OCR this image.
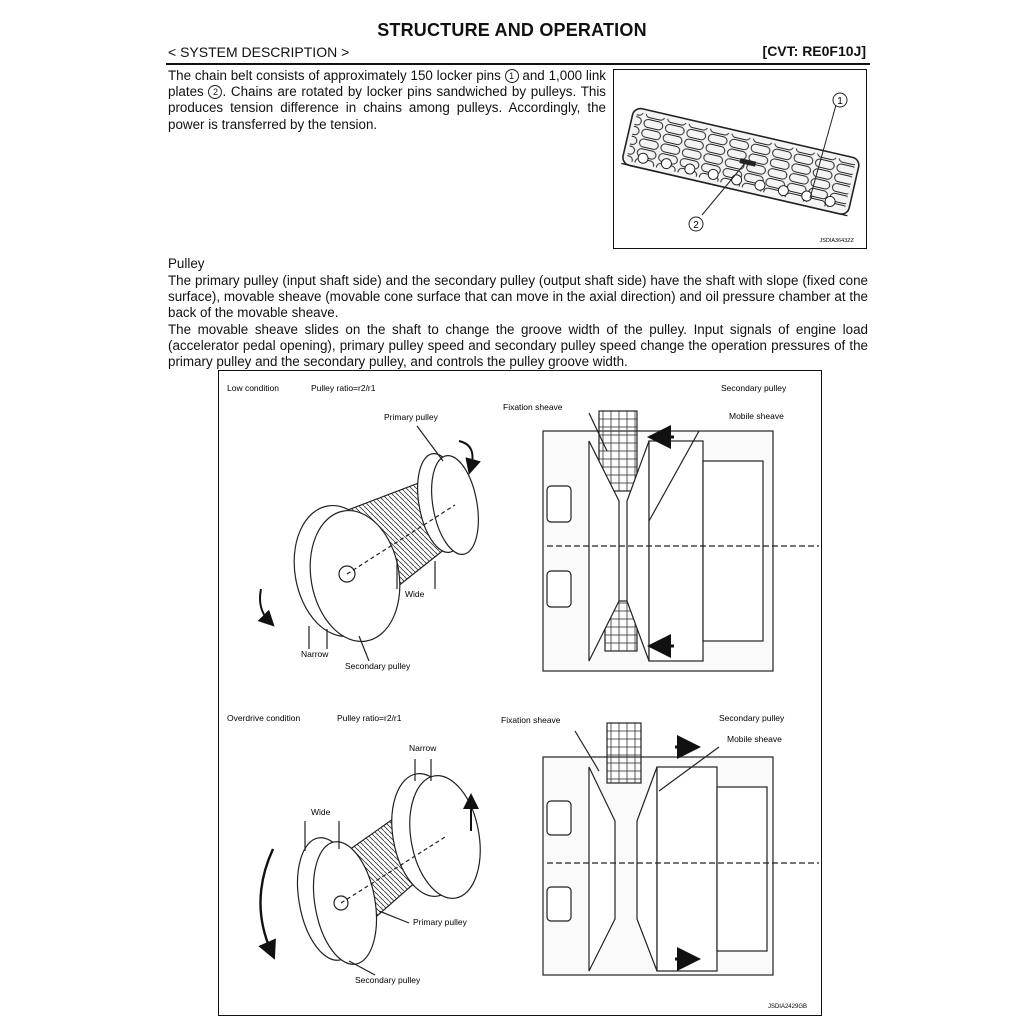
STRUCTURE AND OPERATION
< SYSTEM DESCRIPTION >	[CVT: RE0F10J]
The chain belt consists of approximately 150 locker pins 1 and 1,000 link plates 2 . Chains are rotated by locker pins sandwiched by pulleys. This produces tension difference in chains among pulleys. Accordingly, the power is transferred by the tension.
1
2
JSDIA3643ZZ
Pulley
The primary pulley (input shaft side) and the secondary pulley (output shaft side) have the shaft with slope (fixed cone surface), movable sheave (movable cone surface that can move in the axial direction) and oil pressure chamber at the back of the movable sheave.
The movable sheave slides on the shaft to change the groove width of the pulley. Input signals of engine load (accelerator pedal opening), primary pulley speed and secondary pulley speed change the operation pressures of the primary pulley and the secondary pulley, and controls the pulley groove width.
Low condition	Pulley ratio=r2/r1
Primary pulley
Wide
Narrow
Secondary pulley
Secondary pulley
Fixation sheave
Mobile sheave
Overdrive condition	Pulley ratio=r2/r1
Narrow
Wide
Primary pulley
Secondary pulley
Fixation sheave	Secondary pulley
Mobile sheave
JSDIA2429GB
